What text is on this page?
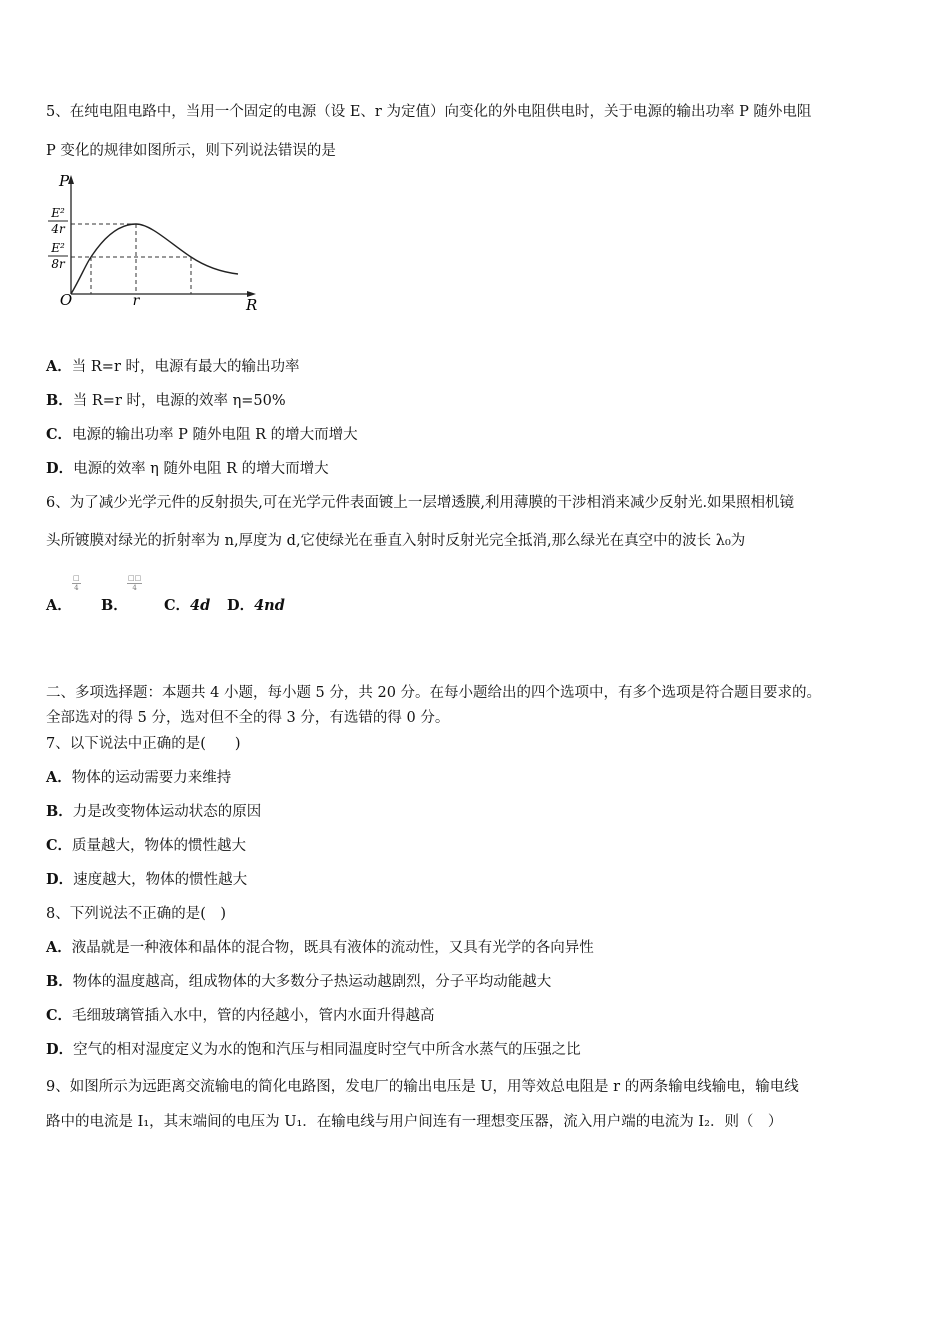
5、在纯电阻电路中，当用一个固定的电源（设 E、r 为定值）向变化的外电阻供电时，关于电源的输出功率 P 随外电阻
P 变化的规律如图所示，则下列说法错误的是
P
R
O	r
E²
4r
E²
8r
A．当 R=r 时，电源有最大的输出功率
B．当 R=r 时，电源的效率 η=50%
C．电源的输出功率 P 随外电阻 R 的增大而增大
D．电源的效率 η 随外电阻 R 的增大而增大
6、为了减少光学元件的反射损失,可在光学元件表面镀上一层增透膜,利用薄膜的干涉相消来减少反射光.如果照相机镜
头所镀膜对绿光的折射率为 n,厚度为 d,它使绿光在垂直入射时反射光完全抵消,那么绿光在真空中的波长 λ₀为
A．
□
4
B．
□□
4
C．4d D．4nd
二、多项选择题：本题共 4 小题，每小题 5 分，共 20 分。在每小题给出的四个选项中，有多个选项是符合题目要求的。
全部选对的得 5 分，选对但不全的得 3 分，有选错的得 0 分。
7、以下说法中正确的是(　　)
A．物体的运动需要力来维持
B．力是改变物体运动状态的原因
C．质量越大，物体的惯性越大
D．速度越大，物体的惯性越大
8、下列说法不正确的是(　)
A．液晶就是一种液体和晶体的混合物，既具有液体的流动性，又具有光学的各向异性
B．物体的温度越高，组成物体的大多数分子热运动越剧烈，分子平均动能越大
C．毛细玻璃管插入水中，管的内径越小，管内水面升得越高
D．空气的相对湿度定义为水的饱和汽压与相同温度时空气中所含水蒸气的压强之比
9、如图所示为远距离交流输电的简化电路图，发电厂的输出电压是 U，用等效总电阻是 r 的两条输电线输电，输电线
路中的电流是 I₁，其末端间的电压为 U₁．在输电线与用户间连有一理想变压器，流入用户端的电流为 I₂．则（　）
